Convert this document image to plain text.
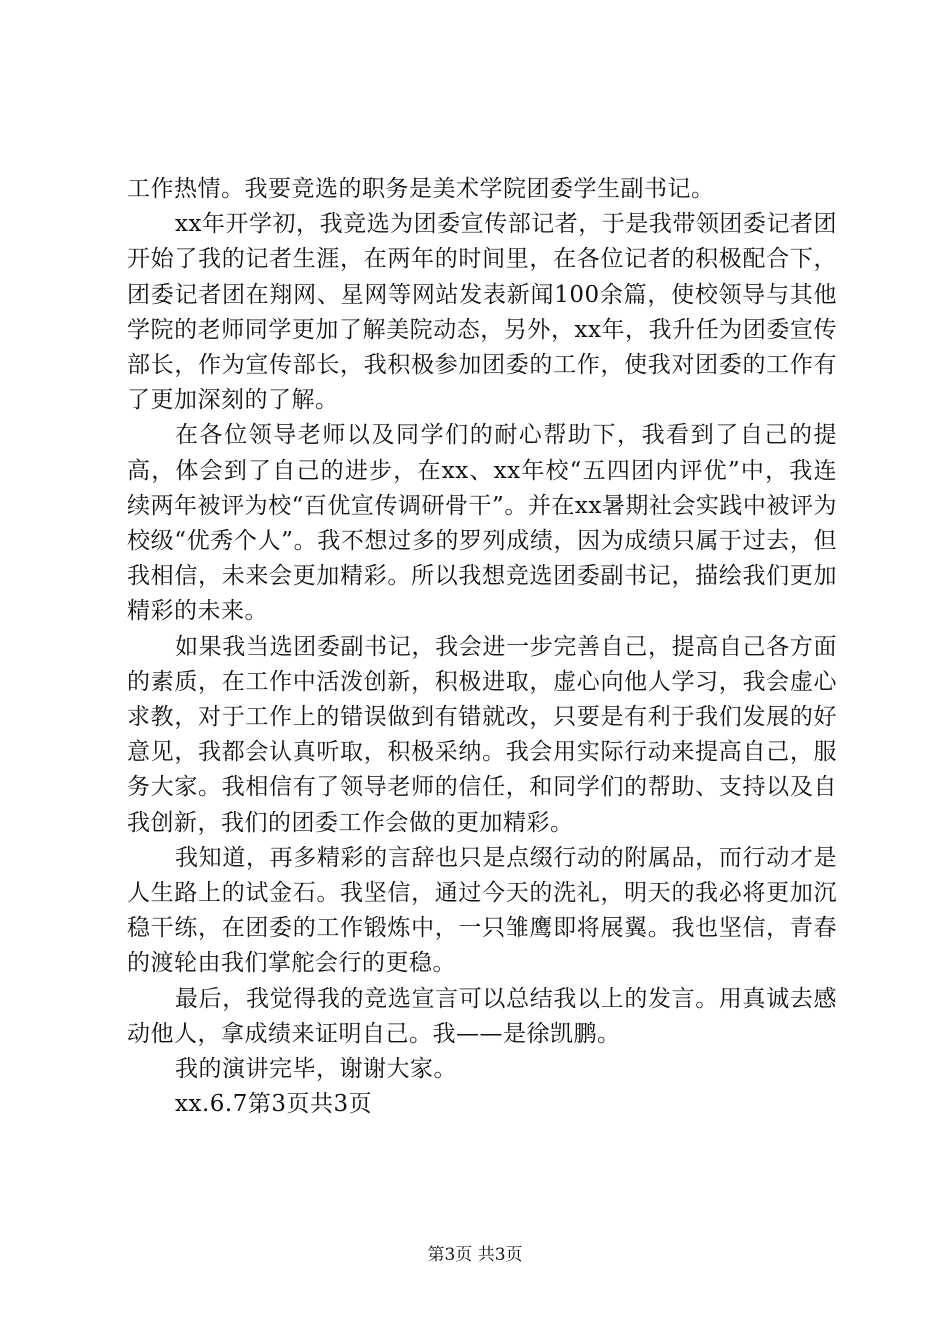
工作热情。我要竞选的职务是美术学院团委学生副书记。

xx年开学初，我竞选为团委宣传部记者，于是我带领团委记者团开始了我的记者生涯，在两年的时间里，在各位记者的积极配合下，团委记者团在翔网、星网等网站发表新闻100余篇，使校领导与其他学院的老师同学更加了解美院动态，另外，xx年，我升任为团委宣传部长，作为宣传部长，我积极参加团委的工作，使我对团委的工作有了更加深刻的了解。

在各位领导老师以及同学们的耐心帮助下，我看到了自己的提高，体会到了自己的进步，在xx、xx年校“五四团内评优”中，我连续两年被评为校“百优宣传调研骨干”。并在xx暑期社会实践中被评为校级“优秀个人”。我不想过多的罗列成绩，因为成绩只属于过去，但我相信，未来会更加精彩。所以我想竞选团委副书记，描绘我们更加精彩的未来。

如果我当选团委副书记，我会进一步完善自己，提高自己各方面的素质，在工作中活泼创新，积极进取，虚心向他人学习，我会虚心求教，对于工作上的错误做到有错就改，只要是有利于我们发展的好意见，我都会认真听取，积极采纳。我会用实际行动来提高自己，服务大家。我相信有了领导老师的信任，和同学们的帮助、支持以及自我创新，我们的团委工作会做的更加精彩。

我知道，再多精彩的言辞也只是点缀行动的附属品，而行动才是人生路上的试金石。我坚信，通过今天的洗礼，明天的我必将更加沉稳干练，在团委的工作锻炼中，一只雏鹰即将展翼。我也坚信，青春的渡轮由我们掌舵会行的更稳。

最后，我觉得我的竞选宣言可以总结我以上的发言。用真诚去感动他人，拿成绩来证明自己。我——是徐凯鹏。

我的演讲完毕，谢谢大家。

xx.6.7第3页共3页

第3页 共3页
